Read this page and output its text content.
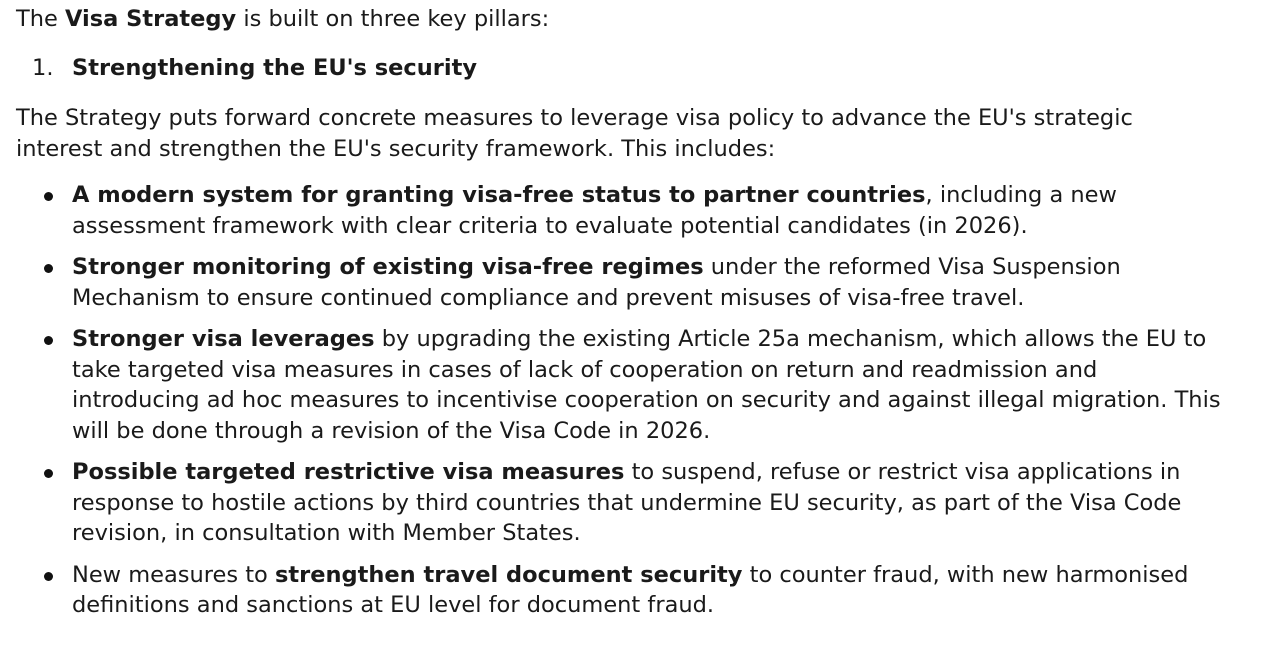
The Visa Strategy is built on three key pillars:

1. Strengthening the EU's security

The Strategy puts forward concrete measures to leverage visa policy to advance the EU's strategic interest and strengthen the EU's security framework. This includes:

A modern system for granting visa-free status to partner countries, including a new assessment framework with clear criteria to evaluate potential candidates (in 2026).
Stronger monitoring of existing visa-free regimes under the reformed Visa Suspension Mechanism to ensure continued compliance and prevent misuses of visa-free travel.
Stronger visa leverages by upgrading the existing Article 25a mechanism, which allows the EU to take targeted visa measures in cases of lack of cooperation on return and readmission and introducing ad hoc measures to incentivise cooperation on security and against illegal migration. This will be done through a revision of the Visa Code in 2026.
Possible targeted restrictive visa measures to suspend, refuse or restrict visa applications in response to hostile actions by third countries that undermine EU security, as part of the Visa Code revision, in consultation with Member States.
New measures to strengthen travel document security to counter fraud, with new harmonised definitions and sanctions at EU level for document fraud.
